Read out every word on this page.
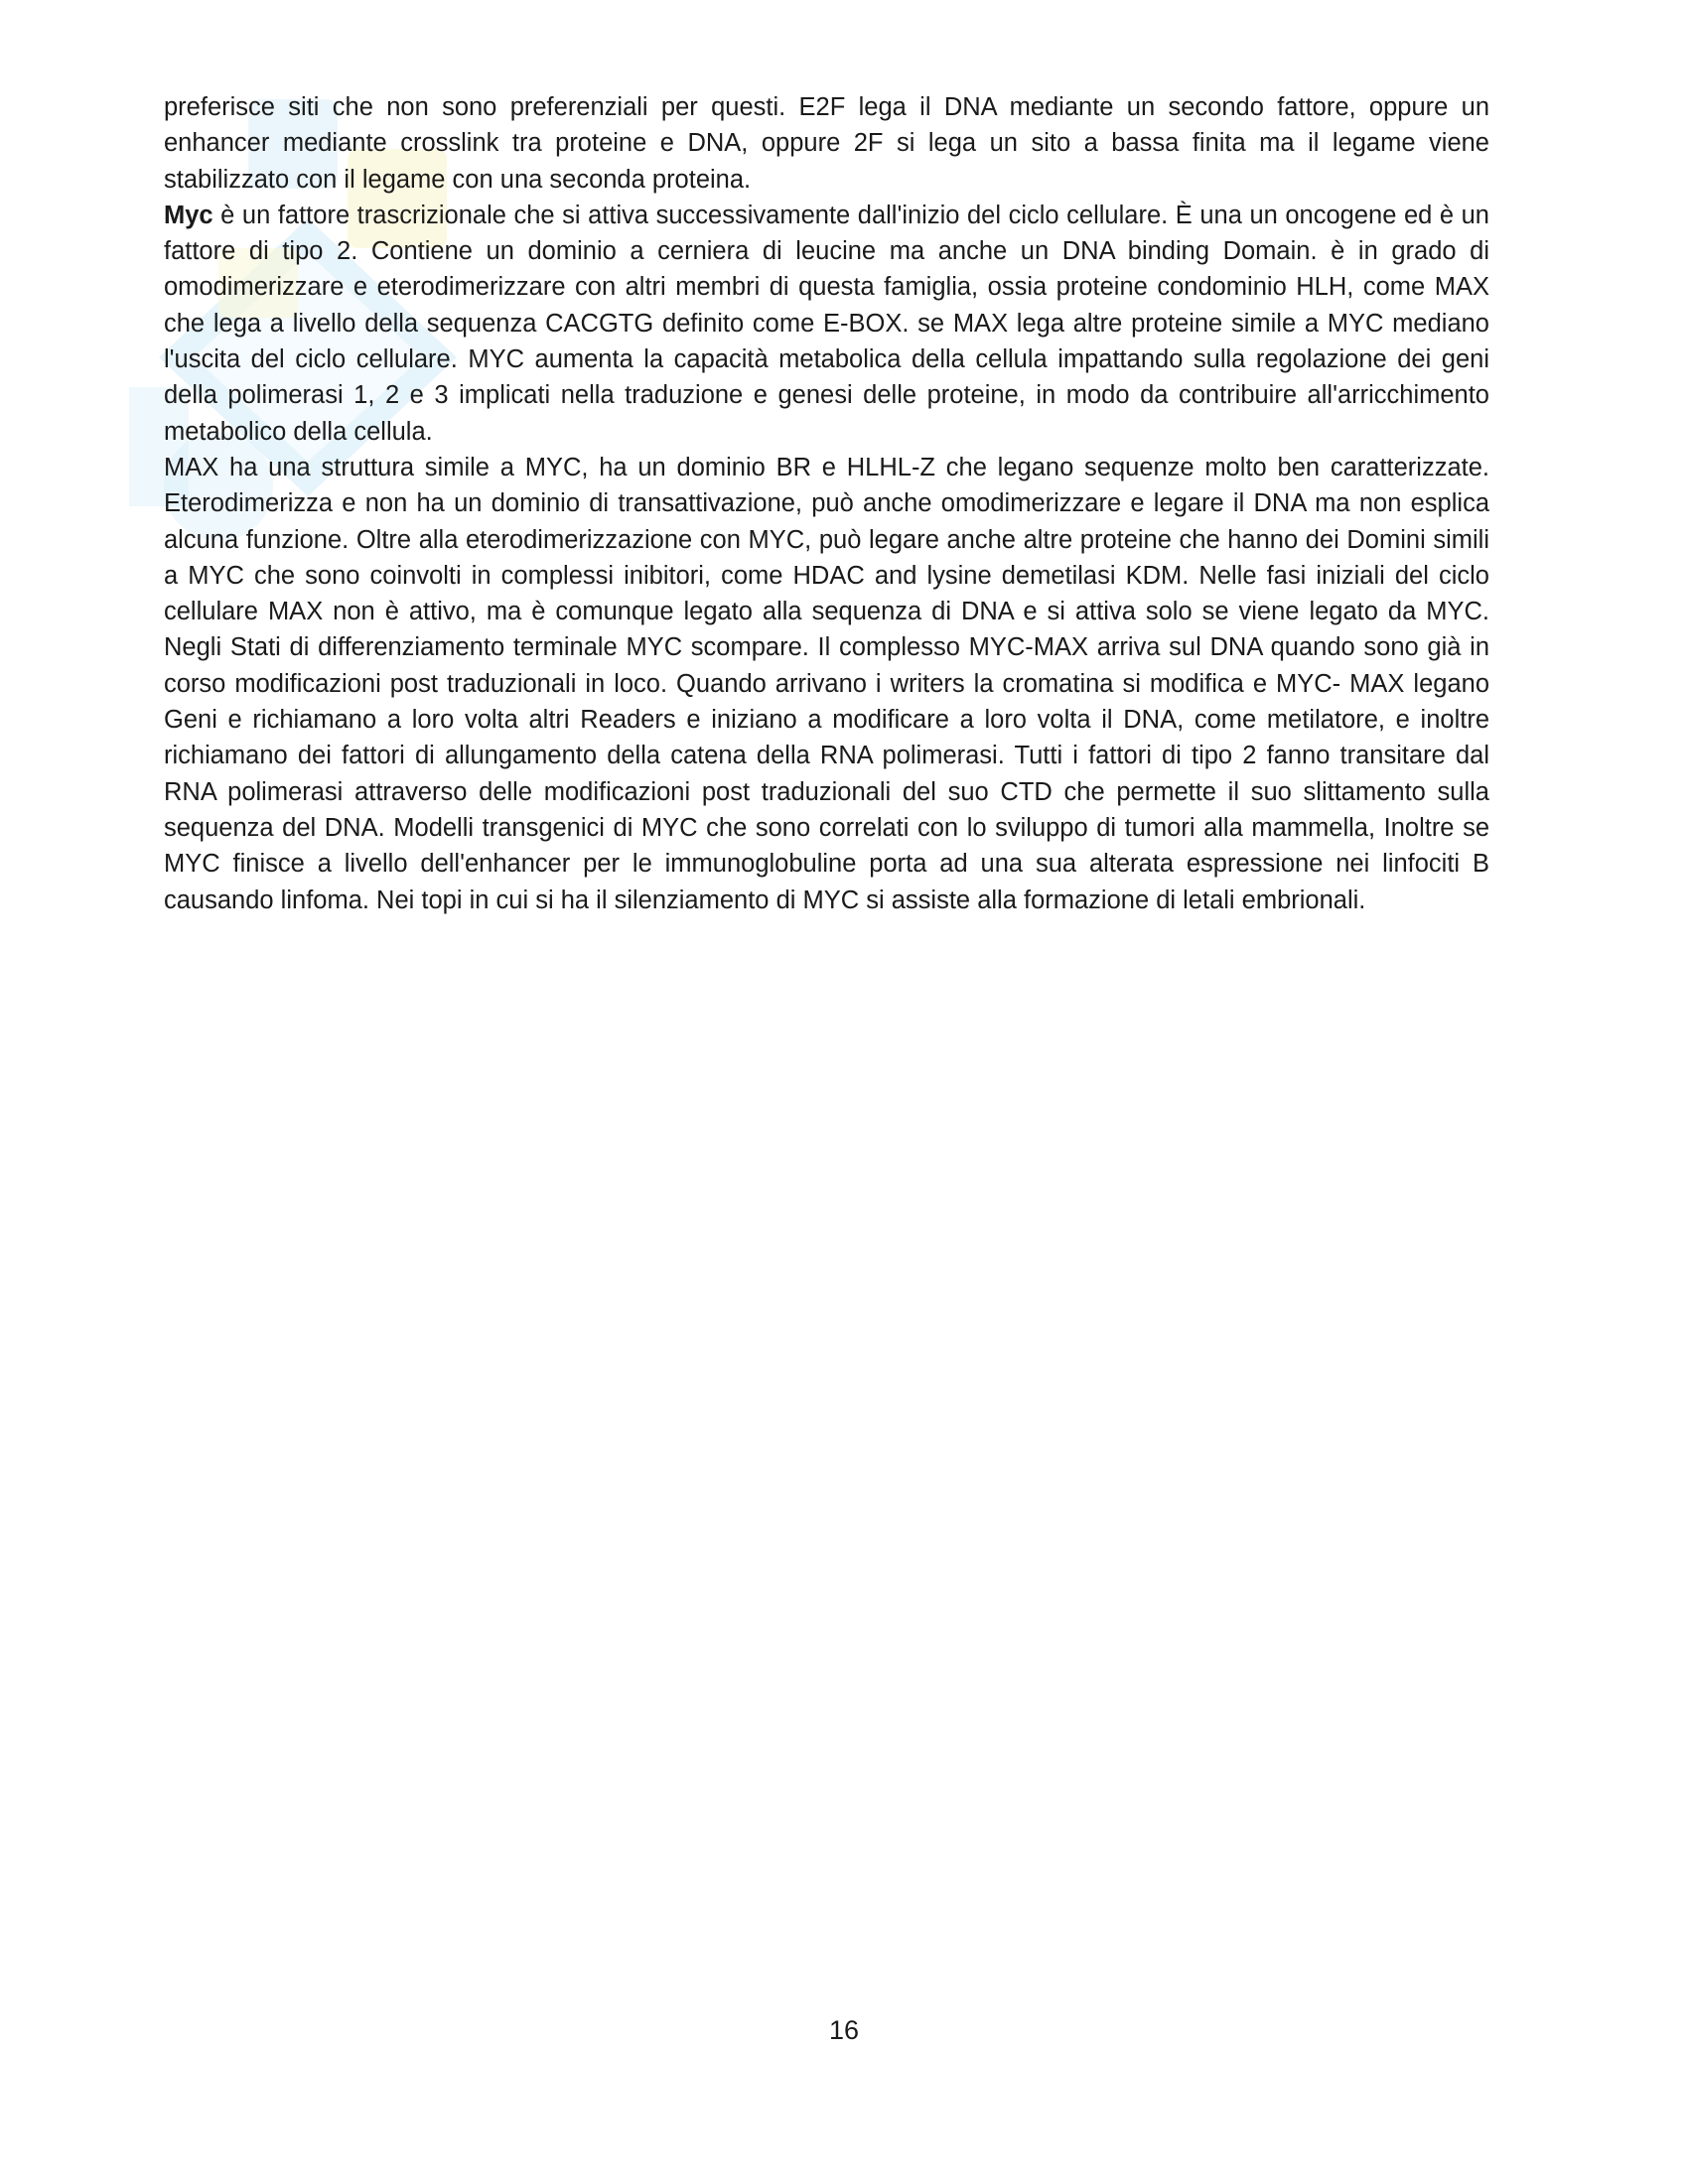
preferisce siti che non sono preferenziali per questi. E2F lega il DNA mediante un secondo fattore, oppure un enhancer mediante crosslink tra proteine e DNA, oppure 2F si lega un sito a bassa finita ma il legame viene stabilizzato con il legame con una seconda proteina.

Myc è un fattore trascrizionale che si attiva successivamente dall'inizio del ciclo cellulare. È una un oncogene ed è un fattore di tipo 2. Contiene un dominio a cerniera di leucine ma anche un DNA binding Domain. è in grado di omodimerizzare e eterodimerizzare con altri membri di questa famiglia, ossia proteine condominio HLH, come MAX che lega a livello della sequenza CACGTG definito come E-BOX. se MAX lega altre proteine simile a MYC mediano l'uscita del ciclo cellulare. MYC aumenta la capacità metabolica della cellula impattando sulla regolazione dei geni della polimerasi 1, 2 e 3 implicati nella traduzione e genesi delle proteine, in modo da contribuire all'arricchimento metabolico della cellula.

MAX ha una struttura simile a MYC, ha un dominio BR e HLHL-Z che legano sequenze molto ben caratterizzate. Eterodimerizza e non ha un dominio di transattivazione, può anche omodimerizzare e legare il DNA ma non esplica alcuna funzione. Oltre alla eterodimerizzazione con MYC, può legare anche altre proteine che hanno dei Domini simili a MYC che sono coinvolti in complessi inibitori, come HDAC and lysine demetilasi KDM. Nelle fasi iniziali del ciclo cellulare MAX non è attivo, ma è comunque legato alla sequenza di DNA e si attiva solo se viene legato da MYC. Negli Stati di differenziamento terminale MYC scompare. Il complesso MYC-MAX arriva sul DNA quando sono già in corso modificazioni post traduzionali in loco. Quando arrivano i writers la cromatina si modifica e MYC- MAX legano Geni e richiamano a loro volta altri Readers e iniziano a modificare a loro volta il DNA, come metilatore, e inoltre richiamano dei fattori di allungamento della catena della RNA polimerasi. Tutti i fattori di tipo 2 fanno transitare dal RNA polimerasi attraverso delle modificazioni post traduzionali del suo CTD che permette il suo slittamento sulla sequenza del DNA. Modelli transgenici di MYC che sono correlati con lo sviluppo di tumori alla mammella, Inoltre se MYC finisce a livello dell'enhancer per le immunoglobuline porta ad una sua alterata espressione nei linfociti B causando linfoma. Nei topi in cui si ha il silenziamento di MYC si assiste alla formazione di letali embrionali.

16
